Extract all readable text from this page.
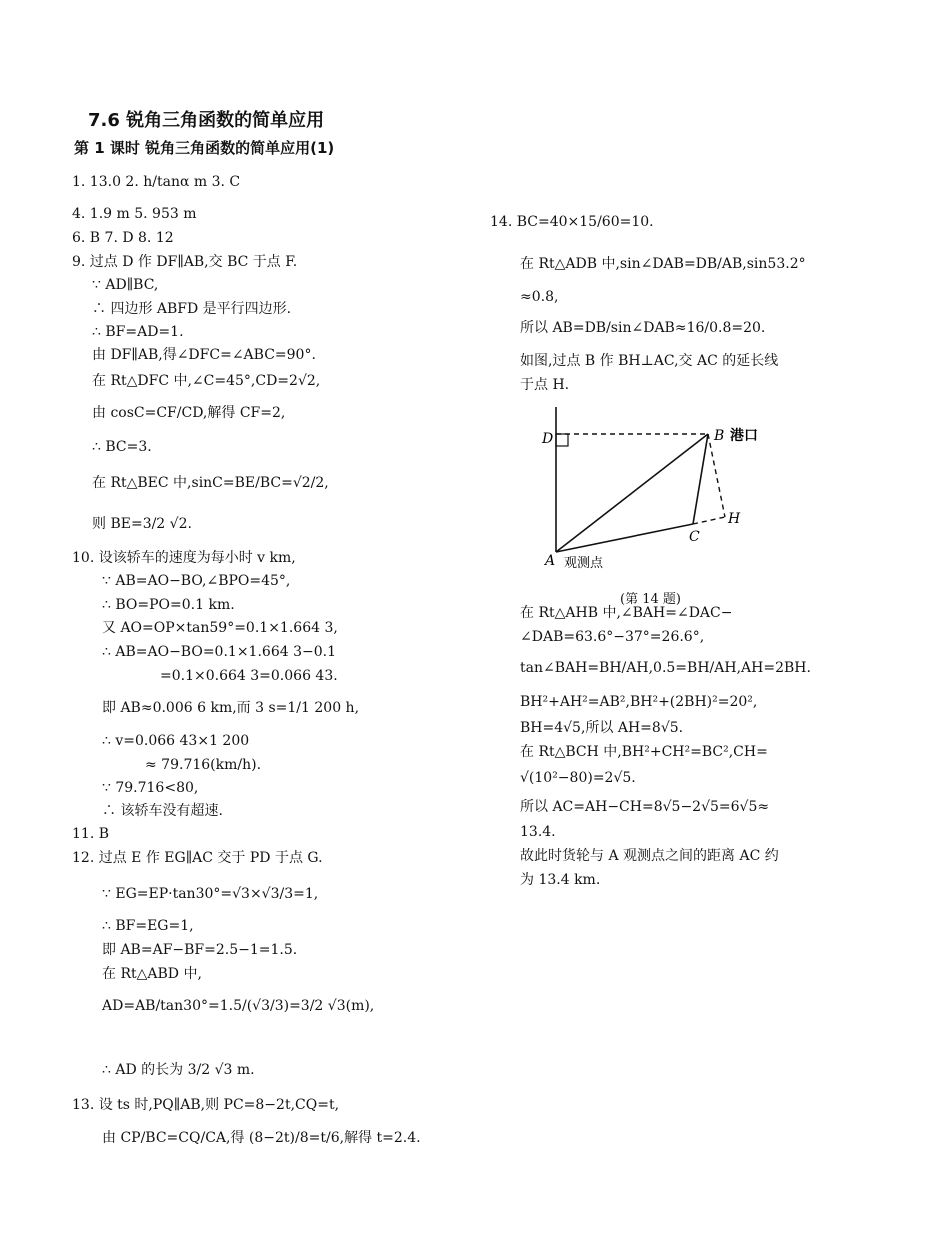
7.6 锐角三角函数的简单应用
第 1 课时 锐角三角函数的简单应用(1)
1. 13.0 2. h/tanα m 3. C
4. 1.9 m 5. 953 m
6. B 7. D 8. 12
9. 过点 D 作 DF∥AB,交 BC 于点 F.
∵ AD∥BC,
∴ 四边形 ABFD 是平行四边形.
∴ BF=AD=1.
由 DF∥AB,得∠DFC=∠ABC=90°.
在 Rt△DFC 中,∠C=45°,CD=2√2,
由 cosC=CF/CD,解得 CF=2,
∴ BC=3.
在 Rt△BEC 中,sinC=BE/BC=√2/2,
则 BE=3/2 √2.
10. 设该轿车的速度为每小时 v km,
∵ AB=AO−BO,∠BPO=45°,
∴ BO=PO=0.1 km.
又 AO=OP×tan59°=0.1×1.664 3,
∴ AB=AO−BO=0.1×1.664 3−0.1
=0.1×0.664 3=0.066 43.
即 AB≈0.006 6 km,而 3 s=1/1 200 h,
∴ v=0.066 43×1 200
≈ 79.716(km/h).
∵ 79.716<80,
∴ 该轿车没有超速.
11. B
12. 过点 E 作 EG∥AC 交于 PD 于点 G.
∵ EG=EP·tan30°=√3×√3/3=1,
∴ BF=EG=1,
即 AB=AF−BF=2.5−1=1.5.
在 Rt△ABD 中,
AD=AB/tan30°=1.5/(√3/3)=3/2 √3(m),
∴ AD 的长为 3/2 √3 m.
13. 设 ts 时,PQ∥AB,则 PC=8−2t,CQ=t,
由 CP/BC=CQ/CA,得 (8−2t)/8=t/6,解得 t=2.4.
14. BC=40×15/60=10.
在 Rt△ADB 中,sin∠DAB=DB/AB,sin53.2°
≈0.8,
所以 AB=DB/sin∠DAB≈16/0.8=20.
如图,过点 B 作 BH⊥AC,交 AC 的延长线
于点 H.
D	B 港口
H
C
A 观测点
(第 14 题)
在 Rt△AHB 中,∠BAH=∠DAC−
∠DAB=63.6°−37°=26.6°,
tan∠BAH=BH/AH,0.5=BH/AH,AH=2BH.
BH²+AH²=AB²,BH²+(2BH)²=20²,
BH=4√5,所以 AH=8√5.
在 Rt△BCH 中,BH²+CH²=BC²,CH=
√(10²−80)=2√5.
所以 AC=AH−CH=8√5−2√5=6√5≈
13.4.
故此时货轮与 A 观测点之间的距离 AC 约
为 13.4 km.
